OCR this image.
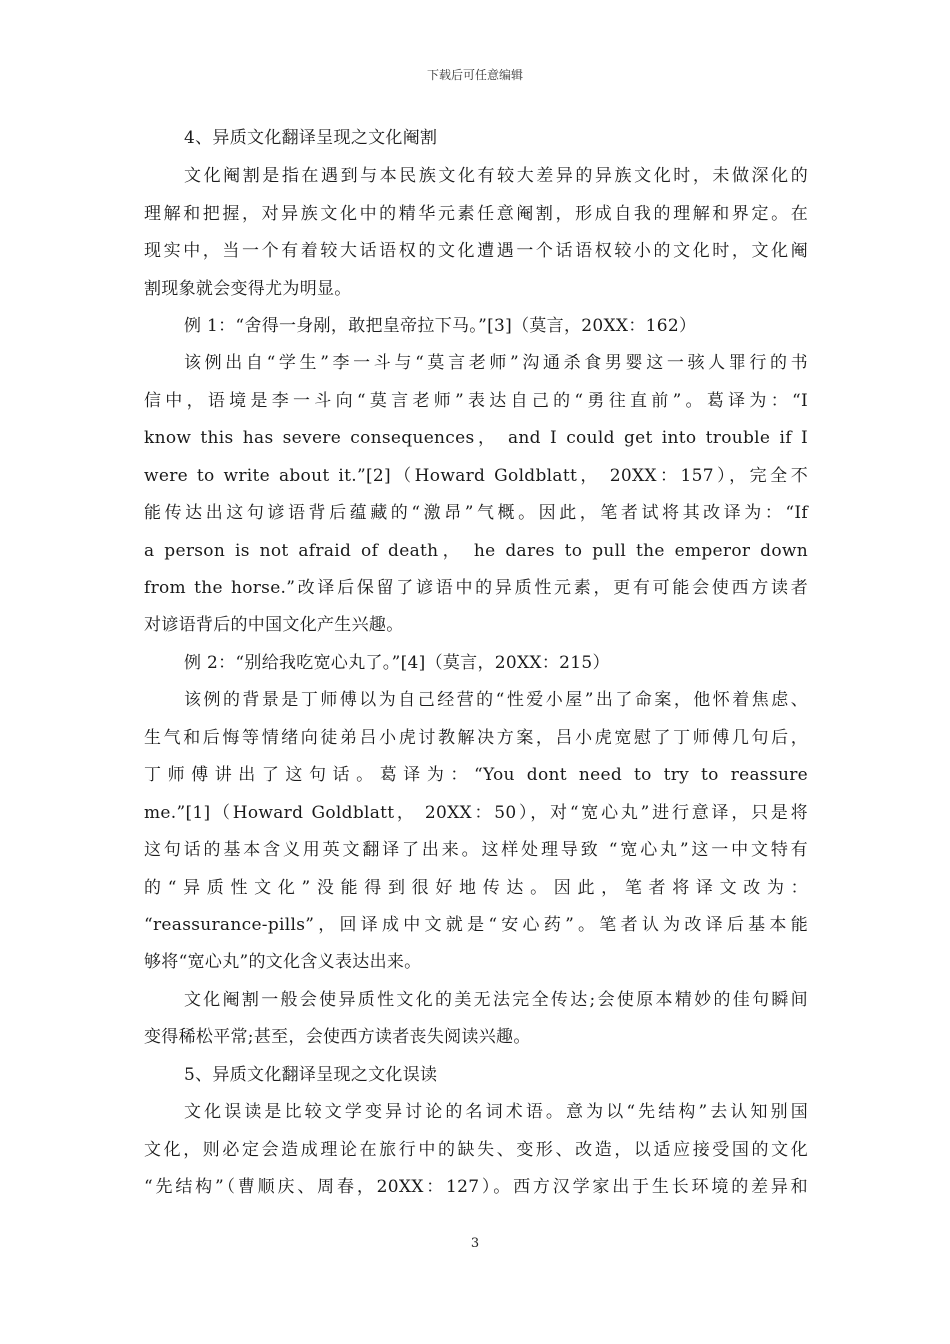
下载后可任意编辑
4、异质文化翻译呈现之文化阉割
文化阉割是指在遇到与本民族文化有较大差异的异族文化时，未做深化的
理解和把握，对异族文化中的精华元素任意阉割，形成自我的理解和界定。在
现实中，当一个有着较大话语权的文化遭遇一个话语权较小的文化时，文化阉
割现象就会变得尤为明显。
例 1：“舍得一身剐，敢把皇帝拉下马。”[3]（莫言，20XX：162）
该例出自“学生”李一斗与“莫言老师”沟通杀食男婴这一骇人罪行的书
信中，语境是李一斗向“莫言老师”表达自己的“勇往直前”。葛译为：“I
know this has severe consequences， and I could get into trouble if I
were to write about it.”[2]（Howard Goldblatt， 20XX：157），完全不
能传达出这句谚语背后蕴藏的“激昂”气概。因此，笔者试将其改译为：“If
a person is not afraid of death， he dares to pull the emperor down
from the horse.”改译后保留了谚语中的异质性元素，更有可能会使西方读者
对谚语背后的中国文化产生兴趣。
例 2：“别给我吃宽心丸了。”[4]（莫言，20XX：215）
该例的背景是丁师傅以为自己经营的“性爱小屋”出了命案，他怀着焦虑、
生气和后悔等情绪向徒弟吕小虎讨教解决方案，吕小虎宽慰了丁师傅几句后，
丁师傅讲出了这句话。葛译为：“You dont need to try to reassure
me.”[1]（Howard Goldblatt， 20XX：50），对“宽心丸”进行意译，只是将
这句话的基本含义用英文翻译了出来。这样处理导致 “宽心丸”这一中文特有
的“异质性文化”没能得到很好地传达。因此，笔者将译文改为：
“reassurance-pills”，回译成中文就是“安心药”。笔者认为改译后基本能
够将“宽心丸”的文化含义表达出来。
文化阉割一般会使异质性文化的美无法完全传达;会使原本精妙的佳句瞬间
变得稀松平常;甚至，会使西方读者丧失阅读兴趣。
5、异质文化翻译呈现之文化误读
文化误读是比较文学变异讨论的名词术语。意为以“先结构”去认知别国
文化，则必定会造成理论在旅行中的缺失、变形、改造，以适应接受国的文化
“先结构”（曹顺庆、周春，20XX：127）。西方汉学家出于生长环境的差异和
3
